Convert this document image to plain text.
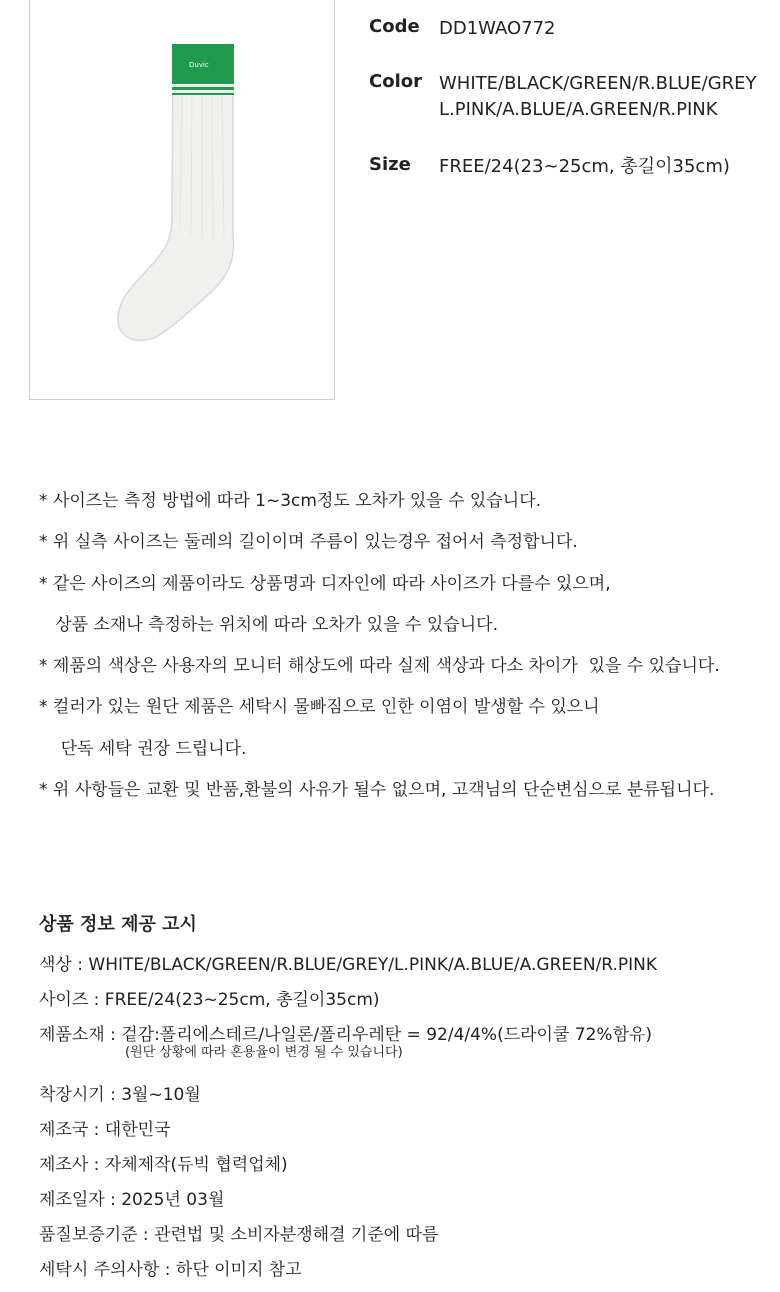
Duvic
Code DD1WAO772
Color WHITE/BLACK/GREEN/R.BLUE/GREY
L.PINK/A.BLUE/A.GREEN/R.PINK
Size FREE/24(23~25cm, 총길이35cm)
* 사이즈는 측정 방법에 따라 1~3cm정도 오차가 있을 수 있습니다.
* 위 실측 사이즈는 둘레의 길이이며 주름이 있는경우 접어서 측정합니다.
* 같은 사이즈의 제품이라도 상품명과 디자인에 따라 사이즈가 다를수 있으며,
상품 소재나 측정하는 위치에 따라 오차가 있을 수 있습니다.
* 제품의 색상은 사용자의 모니터 해상도에 따라 실제 색상과 다소 차이가  있을 수 있습니다.
* 컬러가 있는 원단 제품은 세탁시 물빠짐으로 인한 이염이 발생할 수 있으니
단독 세탁 권장 드립니다.
* 위 사항들은 교환 및 반품,환불의 사유가 될수 없으며, 고객님의 단순변심으로 분류됩니다.
상품 정보 제공 고시
색상 : WHITE/BLACK/GREEN/R.BLUE/GREY/L.PINK/A.BLUE/A.GREEN/R.PINK
사이즈 : FREE/24(23~25cm, 총길이35cm)
제품소재 : 겉감:폴리에스테르/나일론/폴리우레탄 = 92/4/4%(드라이쿨 72%함유)
(원단 상황에 따라 혼용율이 변경 될 수 있습니다)
착장시기 : 3월~10월
제조국 : 대한민국
제조사 : 자체제작(듀빅 협력업체)
제조일자 : 2025년 03월
품질보증기준 : 관련법 및 소비자분쟁해결 기준에 따름
세탁시 주의사항 : 하단 이미지 참고
